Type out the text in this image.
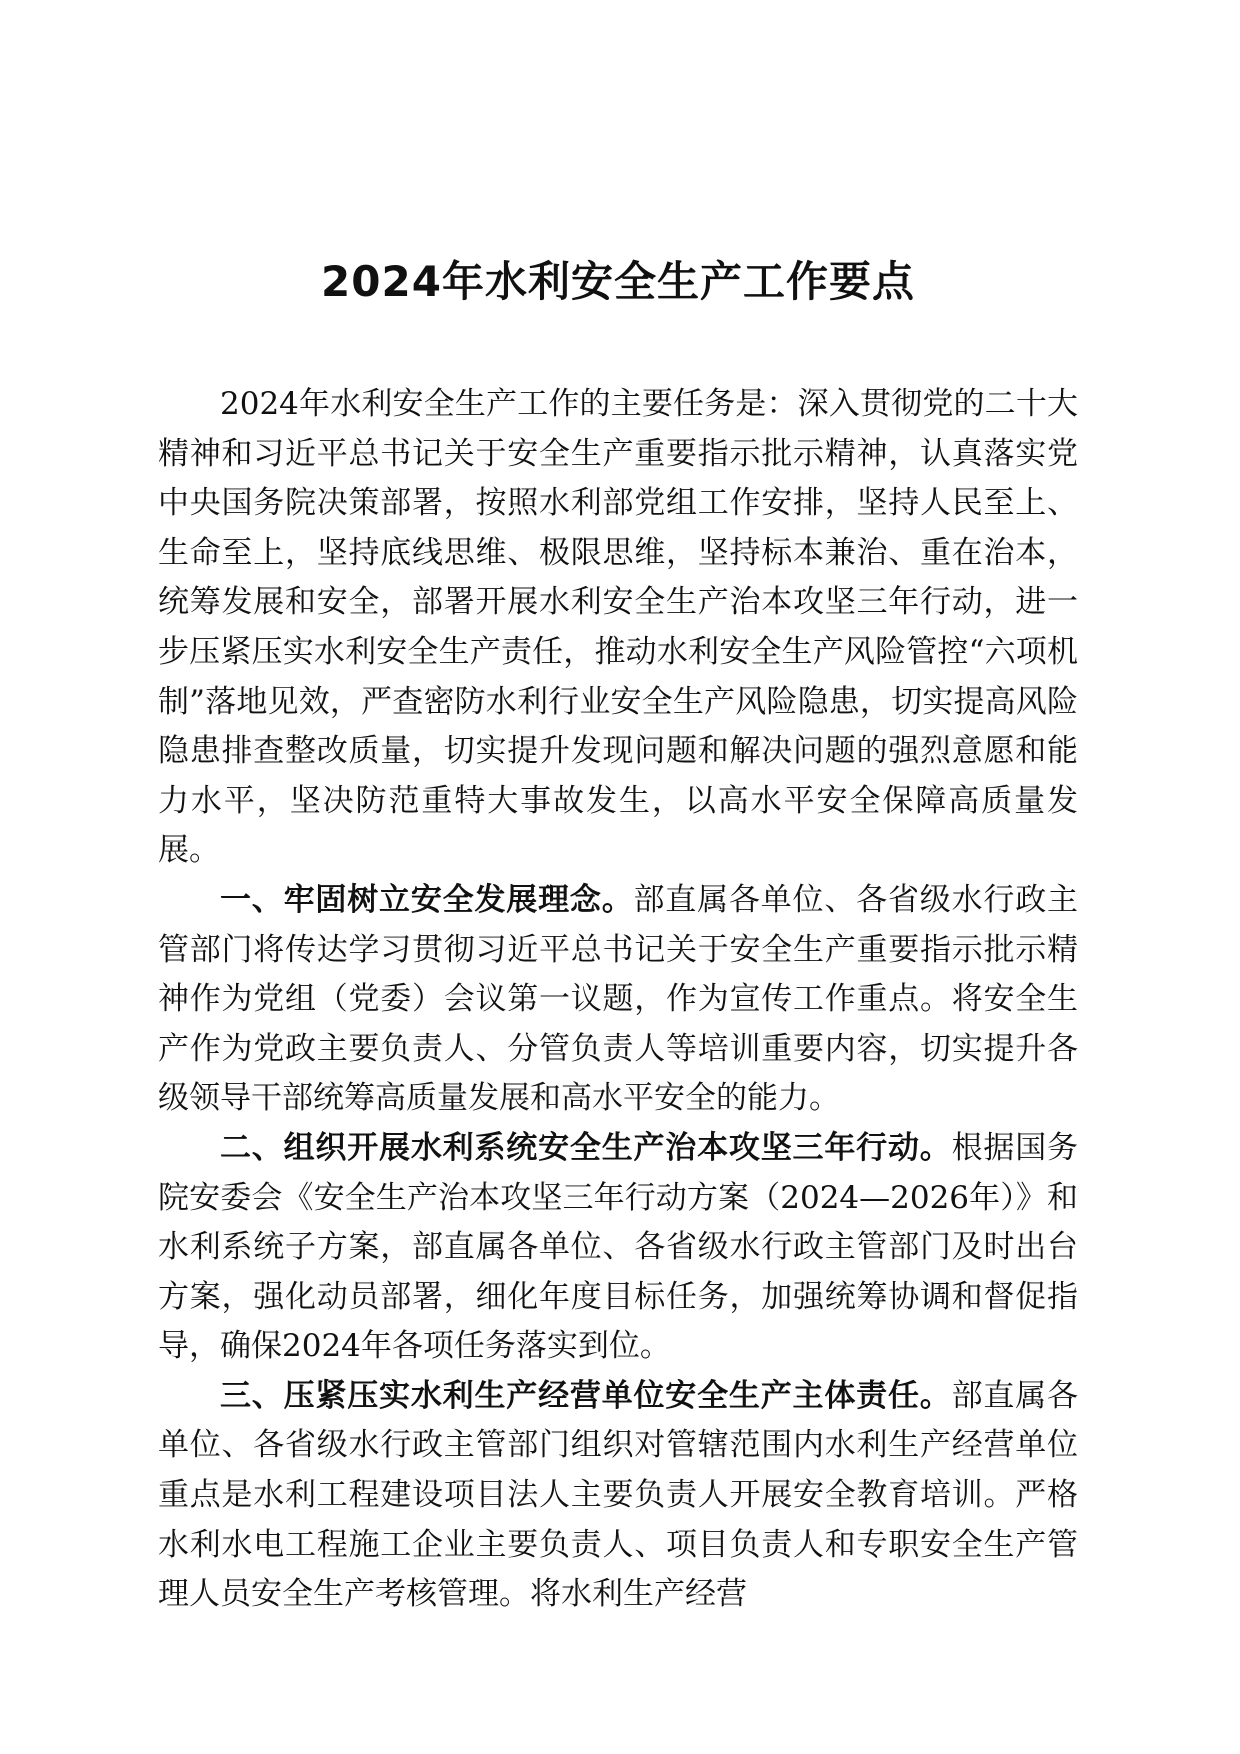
2024年水利安全生产工作要点

2024年水利安全生产工作的主要任务是：深入贯彻党的二十大精神和习近平总书记关于安全生产重要指示批示精神，认真落实党中央国务院决策部署，按照水利部党组工作安排，坚持人民至上、生命至上，坚持底线思维、极限思维，坚持标本兼治、重在治本，统筹发展和安全，部署开展水利安全生产治本攻坚三年行动，进一步压紧压实水利安全生产责任，推动水利安全生产风险管控“六项机制”落地见效，严查密防水利行业安全生产风险隐患，切实提高风险隐患排查整改质量，切实提升发现问题和解决问题的强烈意愿和能力水平，坚决防范重特大事故发生，以高水平安全保障高质量发展。

一、牢固树立安全发展理念。部直属各单位、各省级水行政主管部门将传达学习贯彻习近平总书记关于安全生产重要指示批示精神作为党组（党委）会议第一议题，作为宣传工作重点。将安全生产作为党政主要负责人、分管负责人等培训重要内容，切实提升各级领导干部统筹高质量发展和高水平安全的能力。

二、组织开展水利系统安全生产治本攻坚三年行动。根据国务院安委会《安全生产治本攻坚三年行动方案（2024—2026年）》和水利系统子方案，部直属各单位、各省级水行政主管部门及时出台方案，强化动员部署，细化年度目标任务，加强统筹协调和督促指导，确保2024年各项任务落实到位。

三、压紧压实水利生产经营单位安全生产主体责任。部直属各单位、各省级水行政主管部门组织对管辖范围内水利生产经营单位重点是水利工程建设项目法人主要负责人开展安全教育培训。严格水利水电工程施工企业主要负责人、项目负责人和专职安全生产管理人员安全生产考核管理。将水利生产经营
